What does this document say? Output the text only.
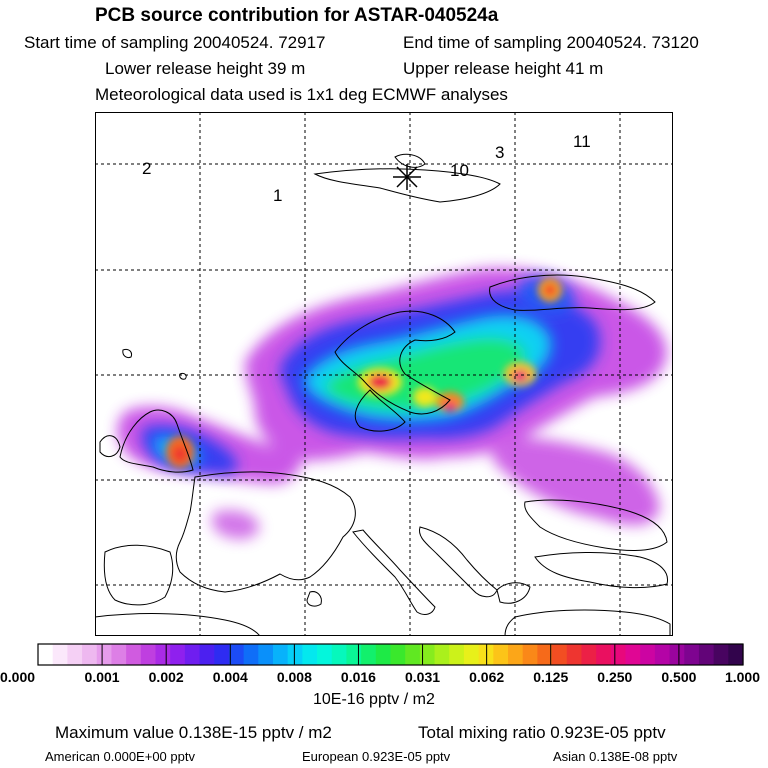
PCB source contribution for ASTAR-040524a
Start time of sampling 20040524. 72917	End time of sampling 20040524. 73120
Lower release height 39 m	Upper release height 41 m
Meteorological data used is 1x1 deg ECMWF analyses
2
1
3
11
10
0.000	0.001 0.002 0.004 0.008 0.016 0.031 0.062 0.125 0.250 0.500 1.000
10E-16 pptv / m2
Maximum value 0.138E-15 pptv / m2	Total mixing ratio 0.923E-05 pptv
American 0.000E+00 pptv	European 0.923E-05 pptv	Asian 0.138E-08 pptv
